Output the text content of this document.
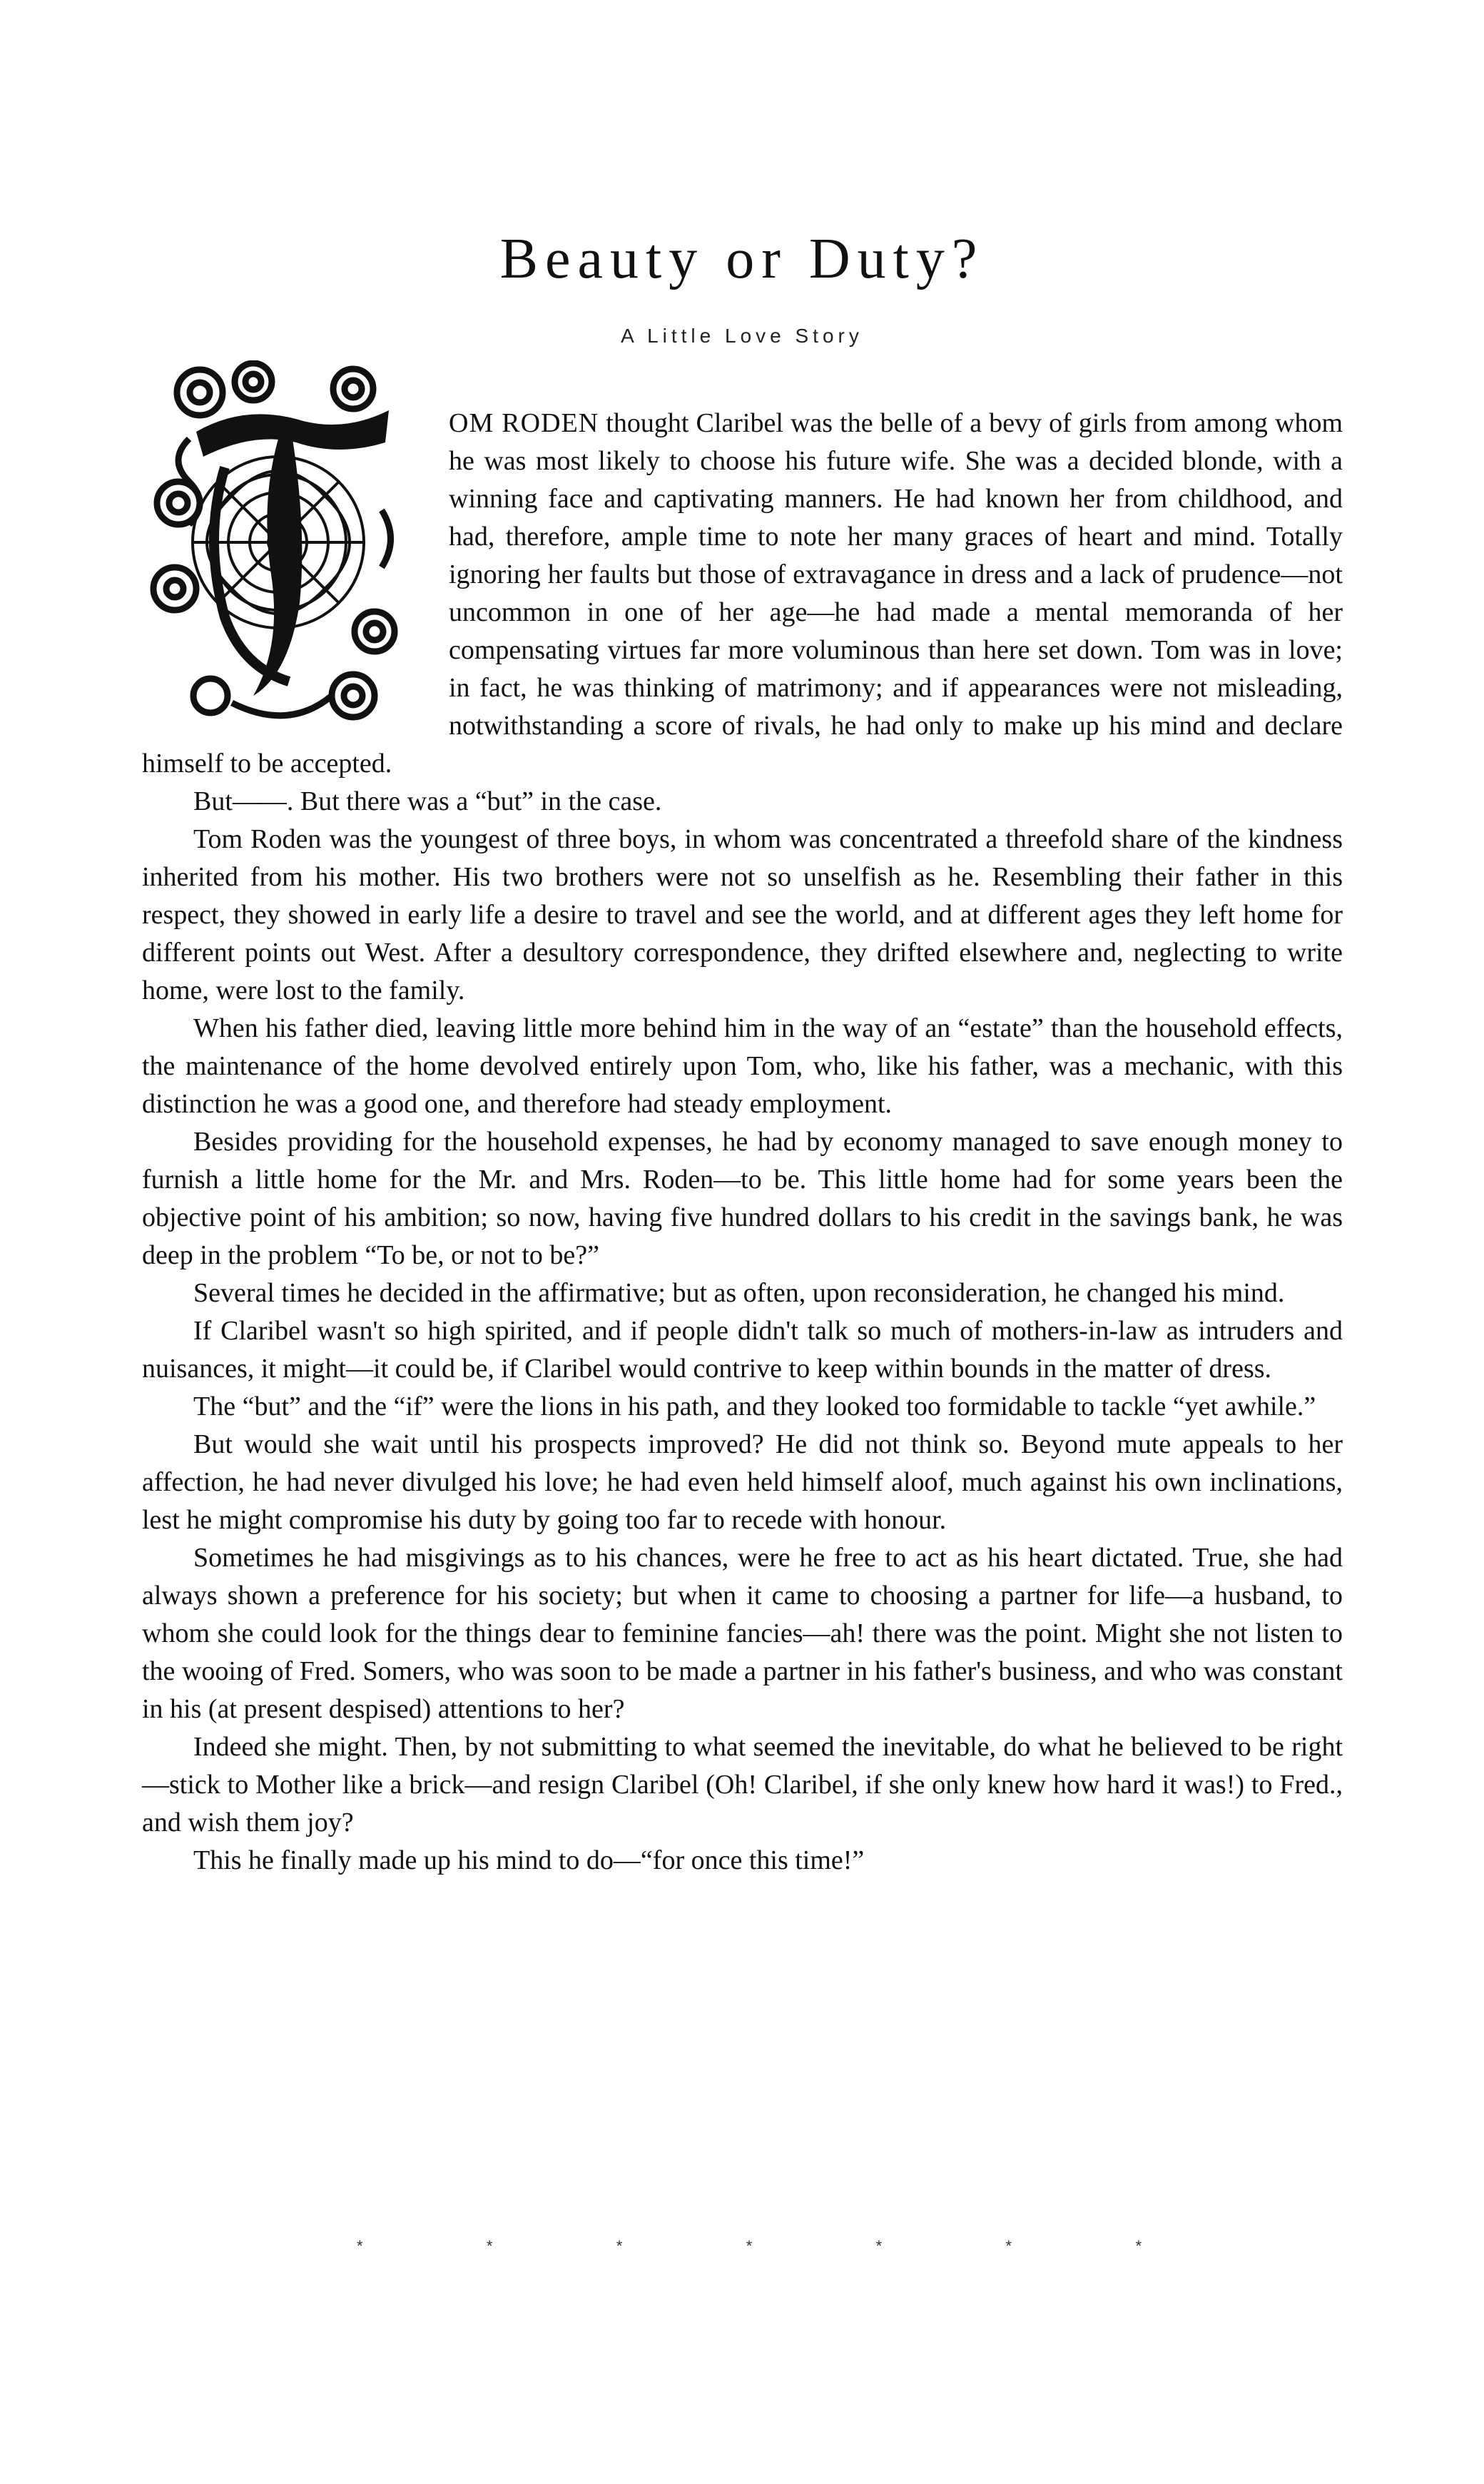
Beauty or Duty?
A Little Love Story

OM RODEN thought Claribel was the belle of a bevy of girls from among whom he was most likely to choose his future wife. She was a decided blonde, with a winning face and captivating manners. He had known her from childhood, and had, therefore, ample time to note her many graces of heart and mind. Totally ignoring her faults but those of extravagance in dress and a lack of prudence—not uncommon in one of her age—he had made a mental memoranda of her compensating virtues far more voluminous than here set down. Tom was in love; in fact, he was thinking of matrimony; and if appearances were not misleading, notwithstanding a score of rivals, he had only to make up his mind and declare himself to be accepted.

But——. But there was a “but” in the case.

Tom Roden was the youngest of three boys, in whom was concentrated a threefold share of the kindness inherited from his mother. His two brothers were not so unselfish as he. Resembling their father in this respect, they showed in early life a desire to travel and see the world, and at different ages they left home for different points out West. After a desultory correspondence, they drifted elsewhere and, neglecting to write home, were lost to the family.

When his father died, leaving little more behind him in the way of an “estate” than the household effects, the maintenance of the home devolved entirely upon Tom, who, like his father, was a mechanic, with this distinction he was a good one, and therefore had steady employment.

Besides providing for the household expenses, he had by economy managed to save enough money to furnish a little home for the Mr. and Mrs. Roden—to be. This little home had for some years been the objective point of his ambition; so now, having five hundred dollars to his credit in the savings bank, he was deep in the problem “To be, or not to be?”

Several times he decided in the affirmative; but as often, upon reconsideration, he changed his mind.

If Claribel wasn't so high spirited, and if people didn't talk so much of mothers-in-law as intruders and nuisances, it might—it could be, if Claribel would contrive to keep within bounds in the matter of dress.

The “but” and the “if” were the lions in his path, and they looked too formidable to tackle “yet awhile.”

But would she wait until his prospects improved? He did not think so. Beyond mute appeals to her affection, he had never divulged his love; he had even held himself aloof, much against his own inclinations, lest he might compromise his duty by going too far to recede with honour.

Sometimes he had misgivings as to his chances, were he free to act as his heart dictated. True, she had always shown a preference for his society; but when it came to choosing a partner for life—a husband, to whom she could look for the things dear to feminine fancies—ah! there was the point. Might she not listen to the wooing of Fred. Somers, who was soon to be made a partner in his father's business, and who was constant in his (at present despised) attentions to her?

Indeed she might. Then, by not submitting to what seemed the inevitable, do what he believed to be right—stick to Mother like a brick—and resign Claribel (Oh! Claribel, if she only knew how hard it was!) to Fred., and wish them joy?

This he finally made up his mind to do—“for once this time!”

*	*	*	*	*	*	*
